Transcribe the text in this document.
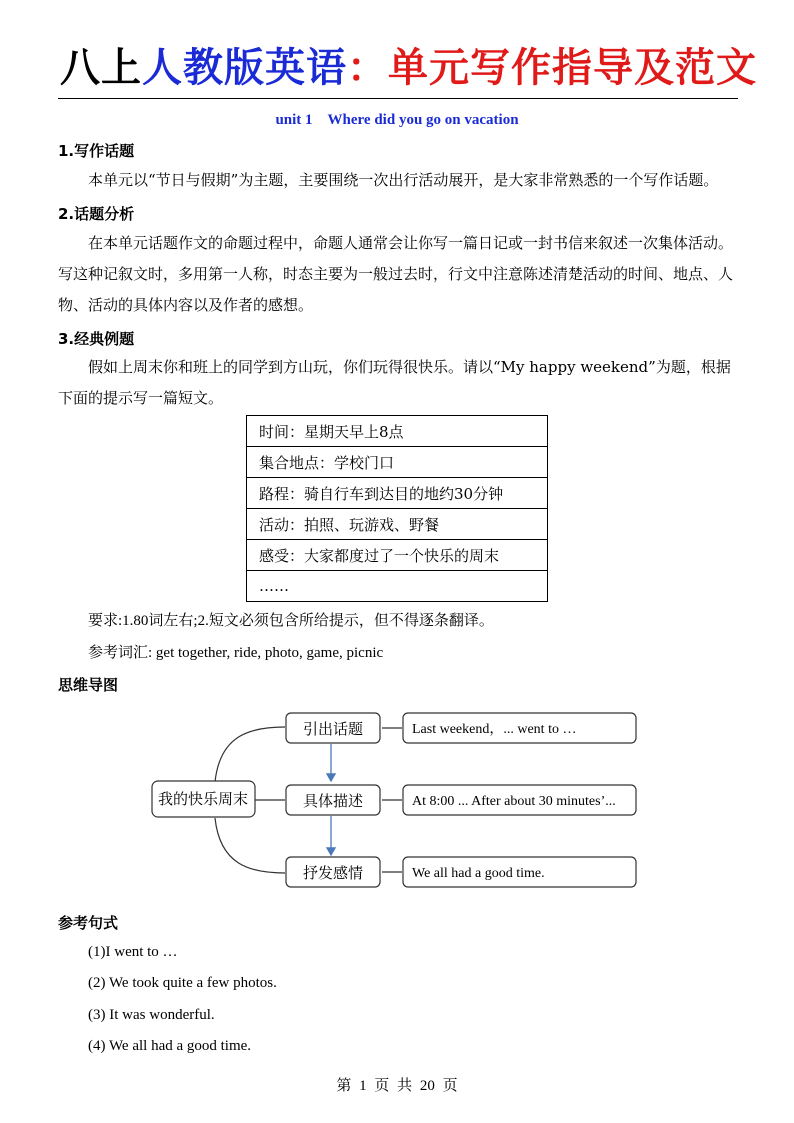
八上人教版英语：单元写作指导及范文
unit 1　Where did you go on vacation
1.写作话题
本单元以“节日与假期”为主题，主要围绕一次出行活动展开，是大家非常熟悉的一个写作话题。
2.话题分析
在本单元话题作文的命题过程中，命题人通常会让你写一篇日记或一封书信来叙述一次集体活动。写这种记叙文时，多用第一人称，时态主要为一般过去时，行文中注意陈述清楚活动的时间、地点、人物、活动的具体内容以及作者的感想。
3.经典例题
假如上周末你和班上的同学到方山玩，你们玩得很快乐。请以“My happy weekend”为题，根据下面的提示写一篇短文。
时间：星期天早上8点
集合地点：学校门口
路程：骑自行车到达目的地约30分钟
活动：拍照、玩游戏、野餐
感受：大家都度过了一个快乐的周末
……
要求:1.80词左右;2.短文必须包含所给提示，但不得逐条翻译。
参考词汇: get together, ride, photo, game, picnic
思维导图
我的快乐周末
引出话题
具体描述
抒发感情
Last weekend，... went to …
At 8:00 ... After about 30 minutes’...
We all had a good time.
参考句式
(1)I went to …
(2) We took quite a few photos.
(3) It was wonderful.
(4) We all had a good time.
第 1 页 共 20 页
